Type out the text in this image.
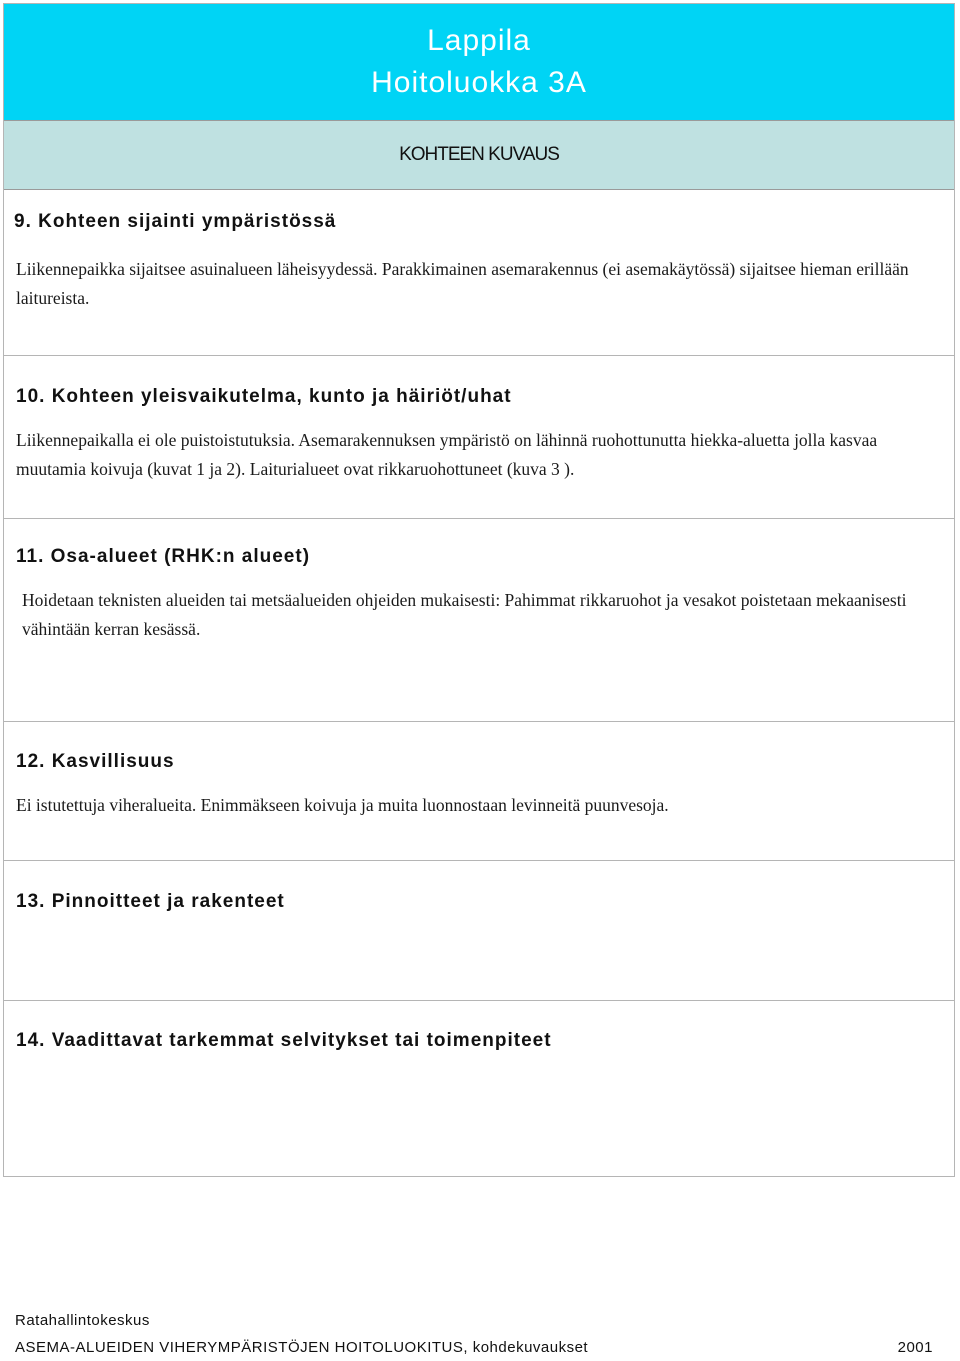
Lappila
Hoitoluokka 3A
KOHTEEN KUVAUS
9. Kohteen sijainti ympäristössä
Liikennepaikka sijaitsee asuinalueen läheisyydessä. Parakkimainen asemarakennus (ei asemakäytössä) sijaitsee hieman erillään laitureista.
10. Kohteen yleisvaikutelma, kunto ja häiriöt/uhat
Liikennepaikalla ei ole puistoistutuksia. Asemarakennuksen ympäristö on lähinnä ruohottunutta hiekka-aluetta jolla kasvaa muutamia koivuja (kuvat 1 ja 2). Laiturialueet ovat rikkaruohottuneet (kuva 3 ).
11. Osa-alueet (RHK:n alueet)
Hoidetaan teknisten alueiden tai metsäalueiden ohjeiden mukaisesti: Pahimmat rikkaruohot ja vesakot poistetaan mekaanisesti vähintään kerran kesässä.
12. Kasvillisuus
Ei istutettuja viheralueita. Enimmäkseen koivuja ja muita luonnostaan levinneitä puunvesoja.
13. Pinnoitteet ja rakenteet
14. Vaadittavat tarkemmat selvitykset tai toimenpiteet
Ratahallintokeskus
ASEMA-ALUEIDEN VIHERYMPÄRISTÖJEN HOITOLUOKITUS, kohdekuvaukset	2001
